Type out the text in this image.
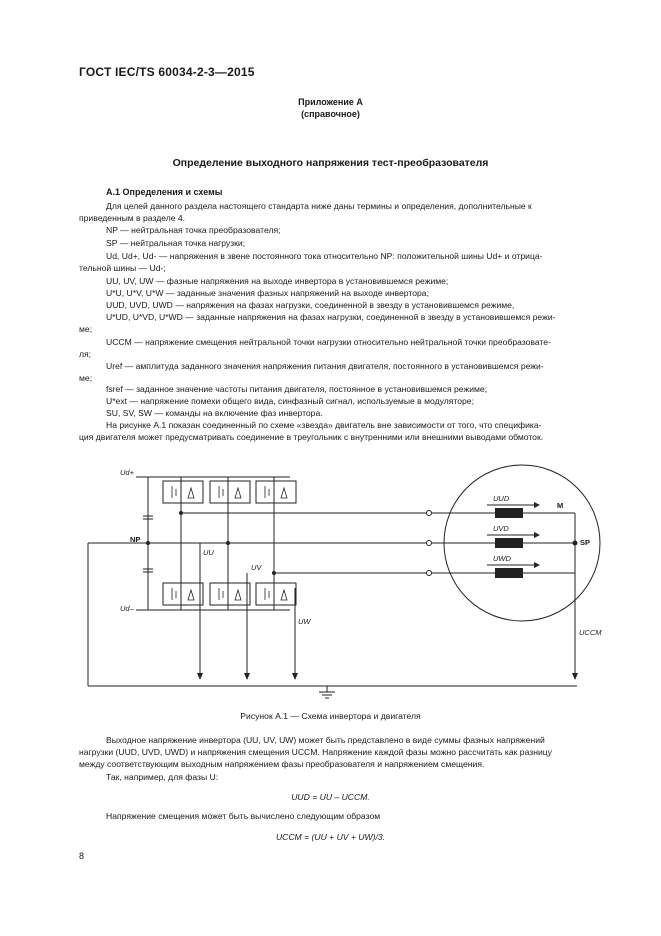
ГОСТ IEC/TS 60034-2-3—2015
Приложение А
(справочное)
Определение выходного напряжения тест-преобразователя
А.1 Определения и схемы
Для целей данного раздела настоящего стандарта ниже даны термины и определения, дополнительные к
приведенным в разделе 4.
NP — нейтральная точка преобразователя;
SP — нейтральная точка нагрузки;
Ud, Ud+, Ud- — напряжения в звене постоянного тока относительно NP: положительной шины Ud+ и отрица-
тельной шины — Ud-;
UU, UV, UW — фазные напряжения на выходе инвертора в установившемся режиме;
U*U, U*V, U*W — заданные значения фазных напряжений на выходе инвертора;
UUD, UVD, UWD — напряжения на фазах нагрузки, соединенной в звезду в установившемся режиме,
U*UD, U*VD, U*WD — заданные напряжения на фазах нагрузки, соединенной в звезду в установившемся режи-
ме;
UCCM — напряжение смещения нейтральной точки нагрузки относительно нейтральной точки преобразовате-
ля;
Uref — амплитуда заданного значения напряжения питания двигателя, постоянного в установившемся режи-
ме;
fsref — заданное значение частоты питания двигателя, постоянное в установившемся режиме;
U*ext — напряжение помехи общего вида, синфазный сигнал, используемые в модуляторе;
SU, SV, SW — команды на включение фаз инвертора.
На рисунке А.1 показан соединенный по схеме «звезда» двигатель вне зависимости от того, что специфика-
ция двигателя может предусматривать соединение в треугольник с внутренними или внешними выводами обмоток.
Ud+
Ud–
NP
UU
UV
UW
UUD
UVD
UWD
M
SP
UCCM
Рисунок А.1 — Схема инвертора и двигателя
Выходное напряжение инвертора (UU, UV, UW) может быть представлено в виде суммы фазных напряжений
нагрузки (UUD, UVD, UWD) и напряжения смещения UCCM. Напряжение каждой фазы можно рассчитать как разницу
между соответствующим выходным напряжением фазы преобразователя и напряжением смещения.
Так, например, для фазы U:
UUD = UU – UCCM.
Напряжение смещения может быть вычислено следующим образом
UCCM = (UU + UV + UW)/3.
8
